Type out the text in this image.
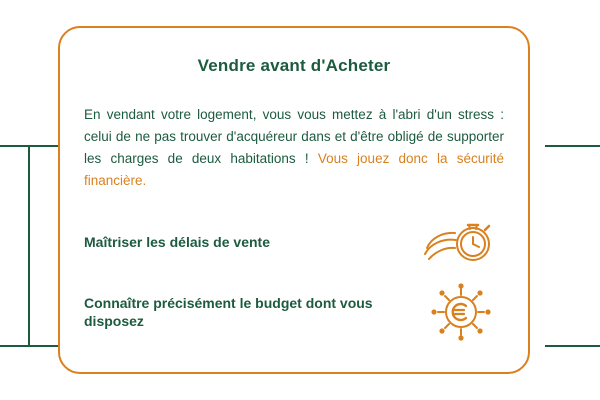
Vendre avant d'Acheter
En vendant votre logement, vous vous mettez à l'abri d'un stress : celui de ne pas trouver d'acquéreur dans et d'être obligé de supporter les charges de deux habitations ! Vous jouez donc la sécurité financière.
Maîtriser les délais de vente
Connaître précisément le budget dont vous disposez
